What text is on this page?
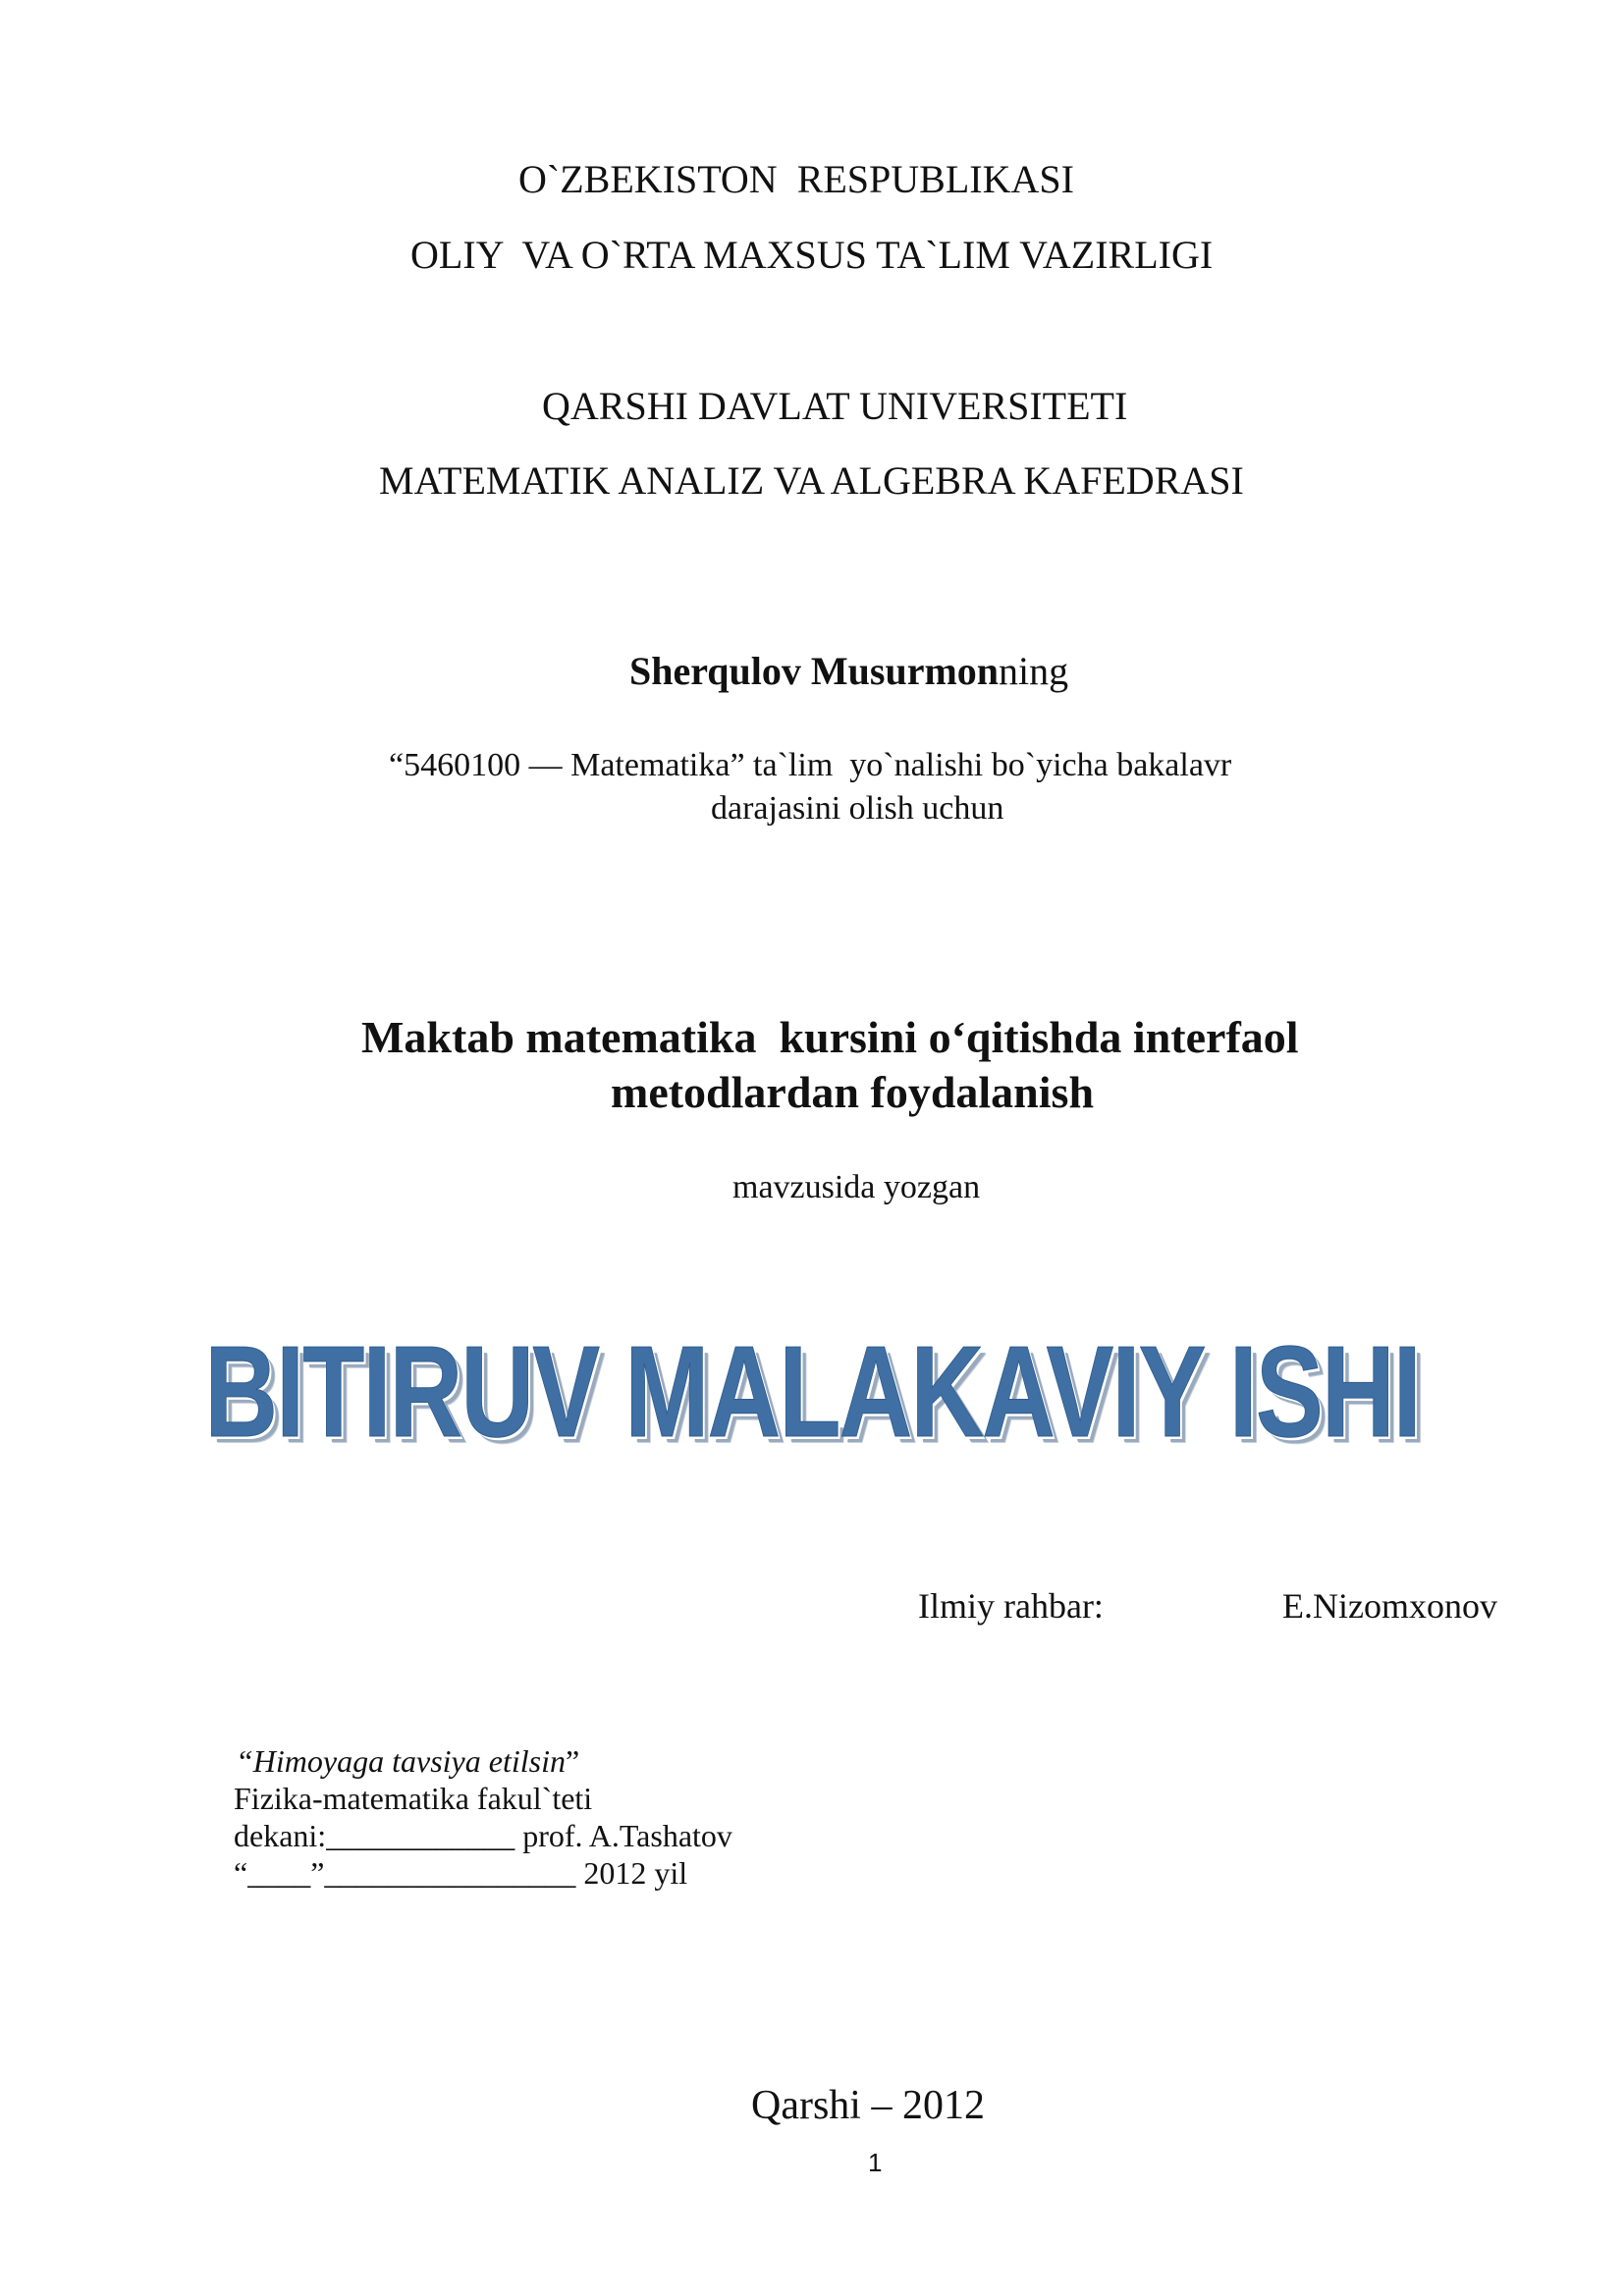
O`ZBEKISTON  RESPUBLIKASI
OLIY  VA O`RTA MAXSUS TA`LIM VAZIRLIGI
QARSHI DAVLAT UNIVERSITETI
MATEMATIK ANALIZ VA ALGEBRA KAFEDRASI
Sherqulov Musurmonning
“5460100 — Matematika” ta`lim  yo`nalishi bo`yicha bakalavr
darajasini olish uchun
Maktab matematika  kursini o‘qitishda interfaol
metodlardan foydalanish
mavzusida yozgan
BITIRUV MALAKAVIY ISHI
Ilmiy rahbar:	E.Nizomxonov
“Himoyaga tavsiya etilsin”
Fizika-matematika fakul`teti
dekani:____________ prof. A.Tashatov
“____”________________ 2012 yil
Qarshi – 2012
1
